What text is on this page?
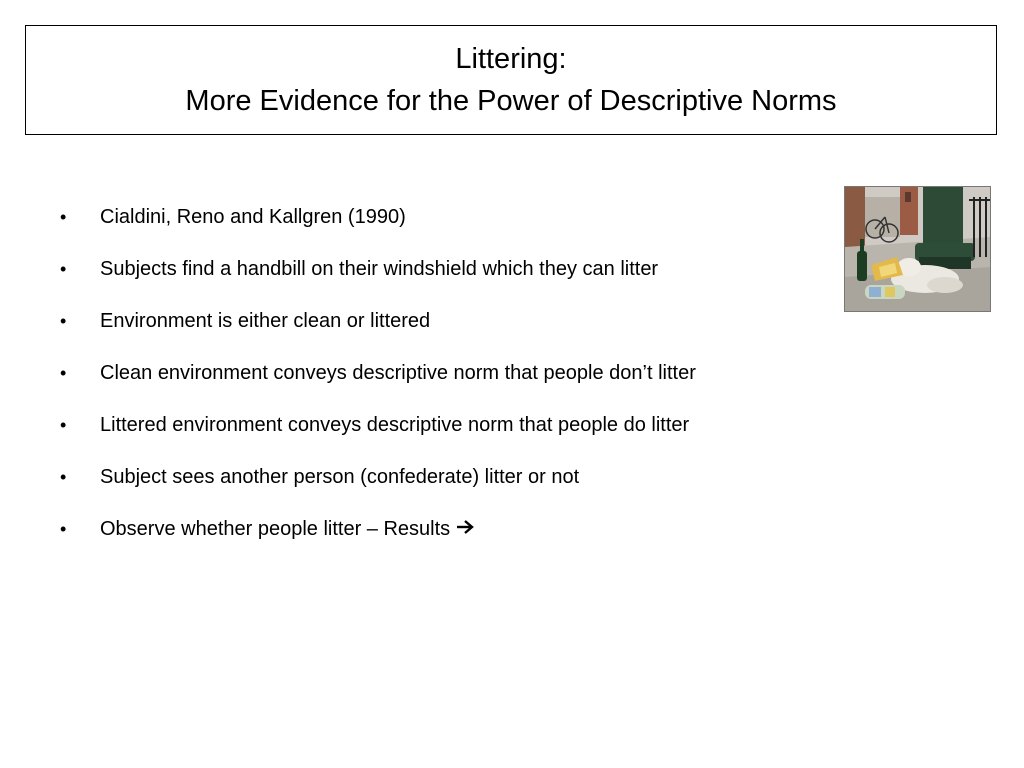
Littering:
More Evidence for the Power of Descriptive Norms
•	Cialdini, Reno and Kallgren (1990)
•	Subjects find a handbill on their windshield which they can litter
•	Environment is either clean or littered
•	Clean environment conveys descriptive norm that people don’t litter
•	Littered environment conveys descriptive norm that people do litter
•	Subject sees another person (confederate) litter or not
•	Observe whether people litter – Results
